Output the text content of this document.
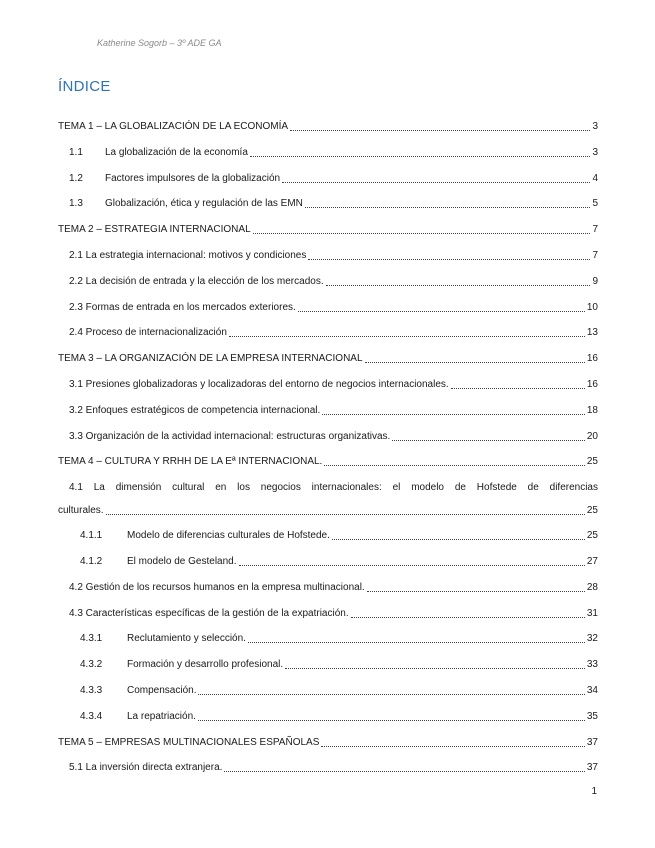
Katherine Sogorb – 3º ADE GA
ÍNDICE
TEMA 1 – LA GLOBALIZACIÓN DE LA ECONOMÍA	3
1.1	La globalización de la economía	3
1.2	Factores impulsores de la globalización	4
1.3	Globalización, ética y regulación de las EMN	5
TEMA 2 – ESTRATEGIA INTERNACIONAL	7
2.1 La estrategia internacional: motivos y condiciones	7
2.2 La decisión de entrada y la elección de los mercados.	9
2.3 Formas de entrada en los mercados exteriores.	10
2.4 Proceso de internacionalización	13
TEMA 3 – LA ORGANIZACIÓN DE LA EMPRESA INTERNACIONAL	16
3.1 Presiones globalizadoras y localizadoras del entorno de negocios internacionales.	16
3.2 Enfoques estratégicos de competencia internacional.	18
3.3 Organización de la actividad internacional: estructuras organizativas.	20
TEMA 4 – CULTURA Y RRHH DE LA Eª INTERNACIONAL.	25
4.1 La dimensión cultural en los negocios internacionales: el modelo de Hofstede de diferencias
culturales.	25
4.1.1	Modelo de diferencias culturales de Hofstede.	25
4.1.2	El modelo de Gesteland.	27
4.2 Gestión de los recursos humanos en la empresa multinacional.	28
4.3 Características específicas de la gestión de la expatriación.	31
4.3.1	Reclutamiento y selección.	32
4.3.2	Formación y desarrollo profesional.	33
4.3.3	Compensación.	34
4.3.4	La repatriación.	35
TEMA 5 – EMPRESAS MULTINACIONALES ESPAÑOLAS	37
5.1 La inversión directa extranjera.	37
1
